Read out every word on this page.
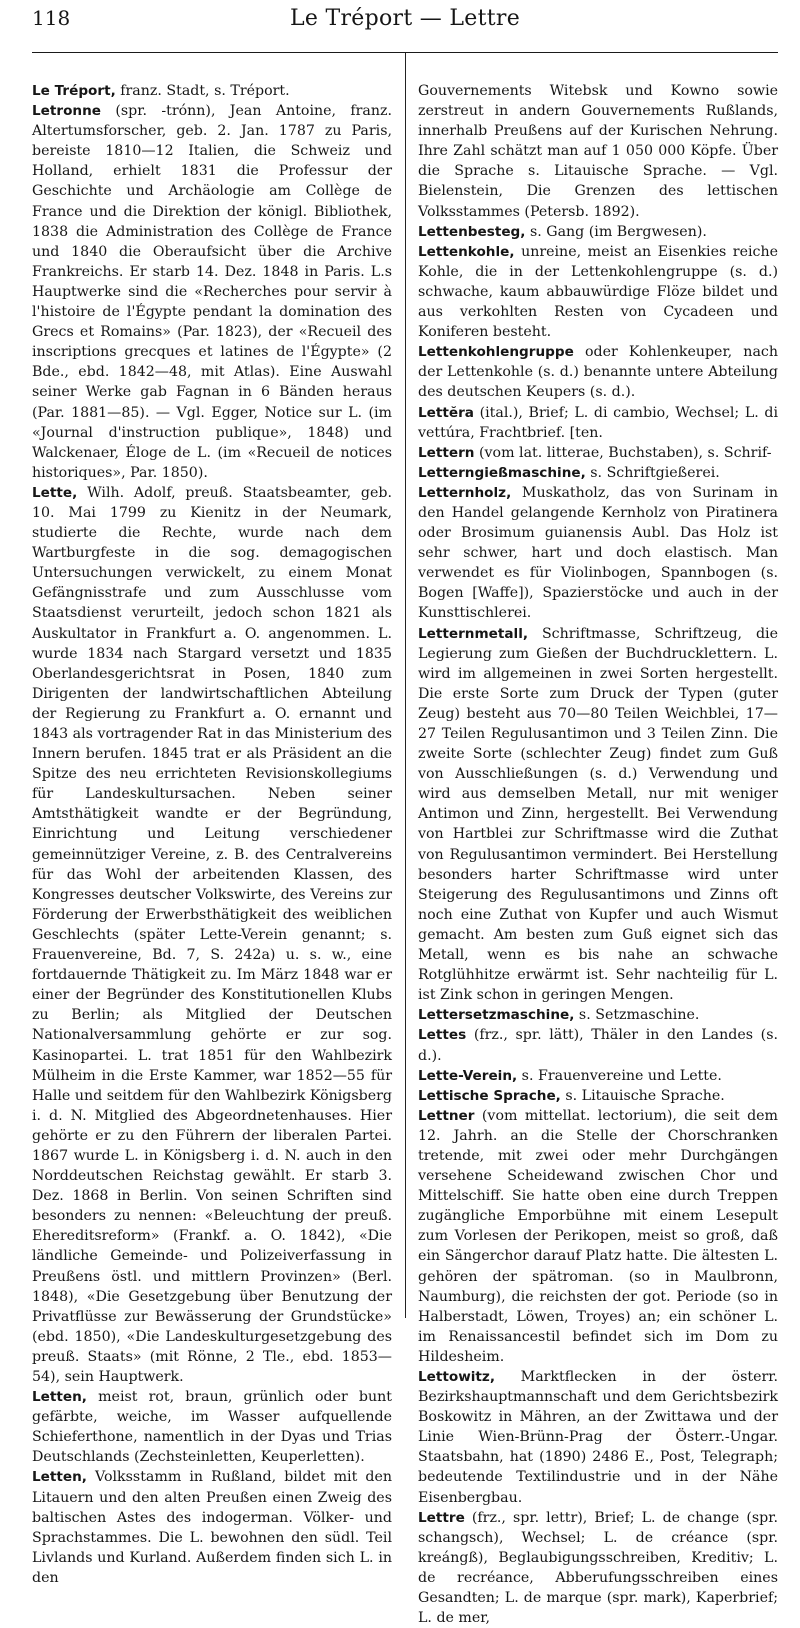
118	Le Tréport — Lettre

Le Tréport, franz. Stadt, s. Tréport.

Letronne (spr. -trónn), Jean Antoine, franz. Altertumsforscher, geb. 2. Jan. 1787 zu Paris, bereiste 1810—12 Italien, die Schweiz und Holland, erhielt 1831 die Professur der Geschichte und Archäologie am Collège de France und die Direktion der königl. Bibliothek, 1838 die Administration des Collège de France und 1840 die Oberaufsicht über die Archive Frankreichs. Er starb 14. Dez. 1848 in Paris. L.s Hauptwerke sind die «Recherches pour servir à l'histoire de l'Égypte pendant la domination des Grecs et Romains» (Par. 1823), der «Recueil des inscriptions grecques et latines de l'Égypte» (2 Bde., ebd. 1842—48, mit Atlas). Eine Auswahl seiner Werke gab Fagnan in 6 Bänden heraus (Par. 1881—85). — Vgl. Egger, Notice sur L. (im «Journal d'instruction publique», 1848) und Walckenaer, Éloge de L. (im «Recueil de notices historiques», Par. 1850).

Lette, Wilh. Adolf, preuß. Staatsbeamter, geb. 10. Mai 1799 zu Kienitz in der Neumark, studierte die Rechte, wurde nach dem Wartburgfeste in die sog. demagogischen Untersuchungen verwickelt, zu einem Monat Gefängnisstrafe und zum Ausschlusse vom Staatsdienst verurteilt, jedoch schon 1821 als Auskultator in Frankfurt a. O. angenommen. L. wurde 1834 nach Stargard versetzt und 1835 Oberlandesgerichtsrat in Posen, 1840 zum Dirigenten der landwirtschaftlichen Abteilung der Regierung zu Frankfurt a. O. ernannt und 1843 als vortragender Rat in das Ministerium des Innern berufen. 1845 trat er als Präsident an die Spitze des neu errichteten Revisionskollegiums für Landeskultursachen. Neben seiner Amtsthätigkeit wandte er der Begründung, Einrichtung und Leitung verschiedener gemeinnütziger Vereine, z. B. des Centralvereins für das Wohl der arbeitenden Klassen, des Kongresses deutscher Volkswirte, des Vereins zur Förderung der Erwerbsthätigkeit des weiblichen Geschlechts (später Lette-Verein genannt; s. Frauenvereine, Bd. 7, S. 242a) u. s. w., eine fortdauernde Thätigkeit zu. Im März 1848 war er einer der Begründer des Konstitutionellen Klubs zu Berlin; als Mitglied der Deutschen Nationalversammlung gehörte er zur sog. Kasinopartei. L. trat 1851 für den Wahlbezirk Mülheim in die Erste Kammer, war 1852—55 für Halle und seitdem für den Wahlbezirk Königsberg i. d. N. Mitglied des Abgeordnetenhauses. Hier gehörte er zu den Führern der liberalen Partei. 1867 wurde L. in Königsberg i. d. N. auch in den Norddeutschen Reichstag gewählt. Er starb 3. Dez. 1868 in Berlin. Von seinen Schriften sind besonders zu nennen: «Beleuchtung der preuß. Ehereditsreform» (Frankf. a. O. 1842), «Die ländliche Gemeinde- und Polizeiverfassung in Preußens östl. und mittlern Provinzen» (Berl. 1848), «Die Gesetzgebung über Benutzung der Privatflüsse zur Bewässerung der Grundstücke» (ebd. 1850), «Die Landeskulturgesetzgebung des preuß. Staats» (mit Rönne, 2 Tle., ebd. 1853—54), sein Hauptwerk.

Letten, meist rot, braun, grünlich oder bunt gefärbte, weiche, im Wasser aufquellende Schieferthone, namentlich in der Dyas und Trias Deutschlands (Zechsteinletten, Keuperletten).

Letten, Volksstamm in Rußland, bildet mit den Litauern und den alten Preußen einen Zweig des baltischen Astes des indogerman. Völker- und Sprachstammes. Die L. bewohnen den südl. Teil Livlands und Kurland. Außerdem finden sich L. in den

Gouvernements Witebsk und Kowno sowie zerstreut in andern Gouvernements Rußlands, innerhalb Preußens auf der Kurischen Nehrung. Ihre Zahl schätzt man auf 1 050 000 Köpfe. Über die Sprache s. Litauische Sprache. — Vgl. Bielenstein, Die Grenzen des lettischen Volksstammes (Petersb. 1892).

Lettenbesteg, s. Gang (im Bergwesen).

Lettenkohle, unreine, meist an Eisenkies reiche Kohle, die in der Lettenkohlengruppe (s. d.) schwache, kaum abbauwürdige Flöze bildet und aus verkohlten Resten von Cycadeen und Koniferen besteht.

Lettenkohlengruppe oder Kohlenkeuper, nach der Lettenkohle (s. d.) benannte untere Abteilung des deutschen Keupers (s. d.).

Lettĕra (ital.), Brief; L. di cambio, Wechsel; L. di vettúra, Frachtbrief. [ten.

Lettern (vom lat. litterae, Buchstaben), s. Schrif-

Letterngießmaschine, s. Schriftgießerei.

Letternholz, Muskatholz, das von Surinam in den Handel gelangende Kernholz von Piratinera oder Brosimum guianensis Aubl. Das Holz ist sehr schwer, hart und doch elastisch. Man verwendet es für Violinbogen, Spannbogen (s. Bogen [Waffe]), Spazierstöcke und auch in der Kunsttischlerei.

Letternmetall, Schriftmasse, Schriftzeug, die Legierung zum Gießen der Buchdrucklettern. L. wird im allgemeinen in zwei Sorten hergestellt. Die erste Sorte zum Druck der Typen (guter Zeug) besteht aus 70—80 Teilen Weichblei, 17—27 Teilen Regulusantimon und 3 Teilen Zinn. Die zweite Sorte (schlechter Zeug) findet zum Guß von Ausschließungen (s. d.) Verwendung und wird aus demselben Metall, nur mit weniger Antimon und Zinn, hergestellt. Bei Verwendung von Hartblei zur Schriftmasse wird die Zuthat von Regulusantimon vermindert. Bei Herstellung besonders harter Schriftmasse wird unter Steigerung des Regulusantimons und Zinns oft noch eine Zuthat von Kupfer und auch Wismut gemacht. Am besten zum Guß eignet sich das Metall, wenn es bis nahe an schwache Rotglühhitze erwärmt ist. Sehr nachteilig für L. ist Zink schon in geringen Mengen.

Lettersetzmaschine, s. Setzmaschine.

Lettes (frz., spr. lätt), Thäler in den Landes (s. d.).

Lette-Verein, s. Frauenvereine und Lette.

Lettische Sprache, s. Litauische Sprache.

Lettner (vom mittellat. lectorium), die seit dem 12. Jahrh. an die Stelle der Chorschranken tretende, mit zwei oder mehr Durchgängen versehene Scheidewand zwischen Chor und Mittelschiff. Sie hatte oben eine durch Treppen zugängliche Emporbühne mit einem Lesepult zum Vorlesen der Perikopen, meist so groß, daß ein Sängerchor darauf Platz hatte. Die ältesten L. gehören der spätroman. (so in Maulbronn, Naumburg), die reichsten der got. Periode (so in Halberstadt, Löwen, Troyes) an; ein schöner L. im Renaissancestil befindet sich im Dom zu Hildesheim.

Lettowitz, Marktflecken in der österr. Bezirkshauptmannschaft und dem Gerichtsbezirk Boskowitz in Mähren, an der Zwittawa und der Linie Wien-Brünn-Prag der Österr.-Ungar. Staatsbahn, hat (1890) 2486 E., Post, Telegraph; bedeutende Textilindustrie und in der Nähe Eisenbergbau.

Lettre (frz., spr. lettr), Brief; L. de change (spr. schangsch), Wechsel; L. de créance (spr. kreángß), Beglaubigungsschreiben, Kreditiv; L. de recréance, Abberufungsschreiben eines Gesandten; L. de marque (spr. mark), Kaperbrief; L. de mer,
